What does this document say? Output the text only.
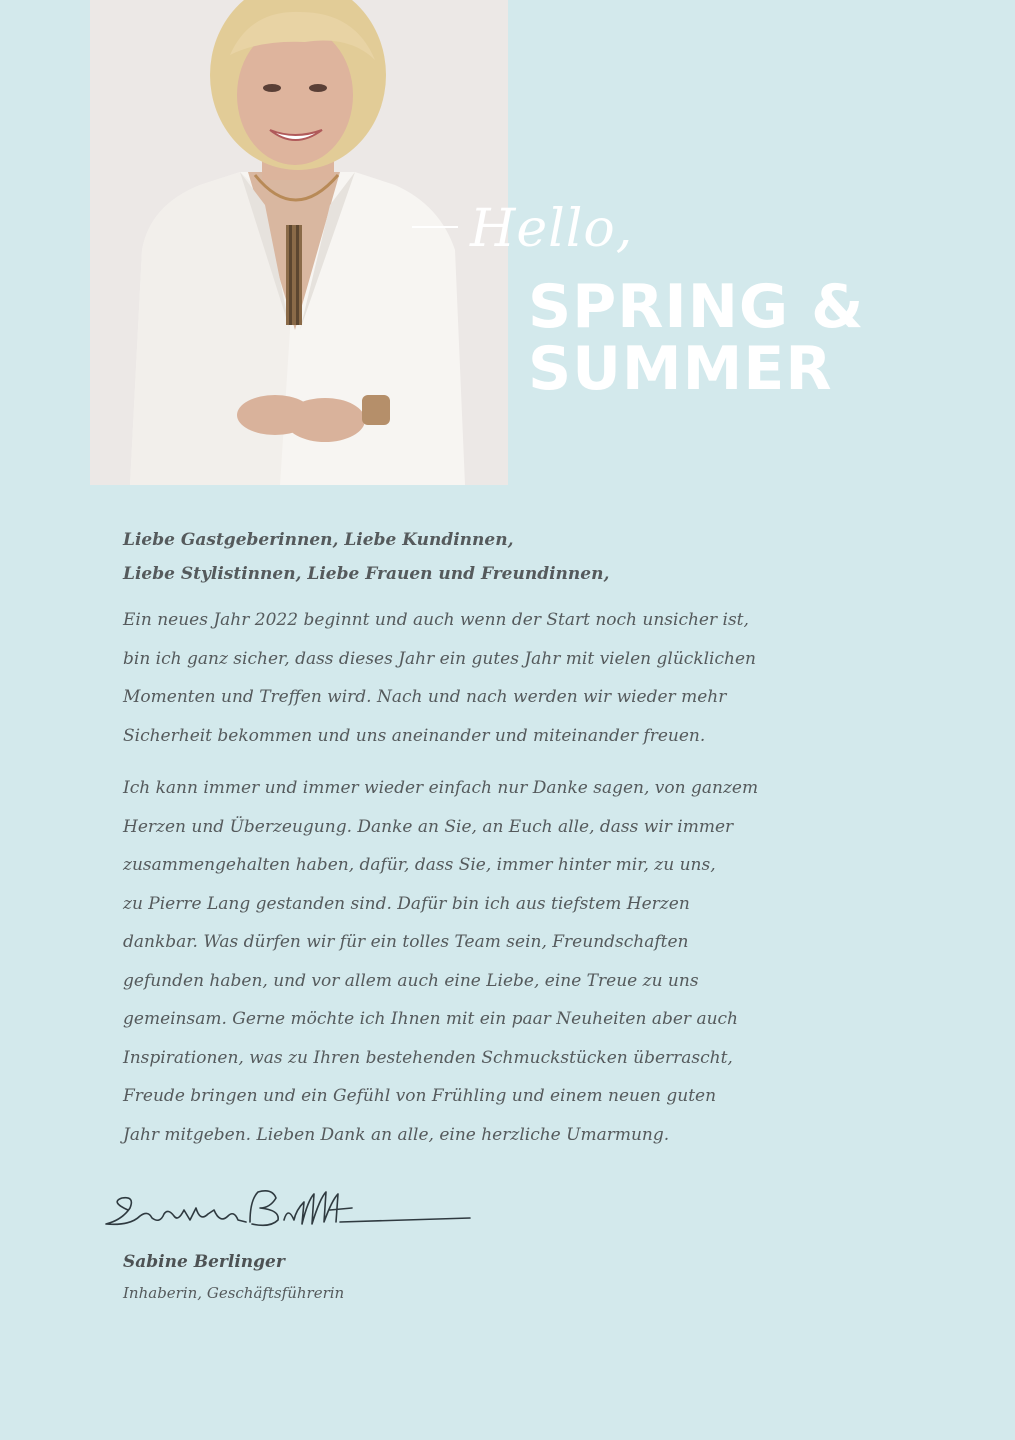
Hello,

SPRING &
SUMMER

Liebe Gastgeberinnen, Liebe Kundinnen,
Liebe Stylistinnen, Liebe Frauen und Freundinnen,

Ein neues Jahr 2022 beginnt und auch wenn der Start noch unsicher ist,
bin ich ganz sicher, dass dieses Jahr ein gutes Jahr mit vielen glücklichen
Momenten und Treffen wird. Nach und nach werden wir wieder mehr
Sicherheit bekommen und uns aneinander und miteinander freuen.

Ich kann immer und immer wieder einfach nur Danke sagen, von ganzem
Herzen und Überzeugung. Danke an Sie, an Euch alle, dass wir immer
zusammengehalten haben, dafür, dass Sie, immer hinter mir, zu uns,
zu Pierre Lang gestanden sind. Dafür bin ich aus tiefstem Herzen
dankbar. Was dürfen wir für ein tolles Team sein, Freundschaften
gefunden haben, und vor allem auch eine Liebe, eine Treue zu uns
gemeinsam. Gerne möchte ich Ihnen mit ein paar Neuheiten aber auch
Inspirationen, was zu Ihren bestehenden Schmuckstücken überrascht,
Freude bringen und ein Gefühl von Frühling und einem neuen guten
Jahr mitgeben. Lieben Dank an alle, eine herzliche Umarmung.

Sabine Berlinger

Inhaberin, Geschäftsführerin
